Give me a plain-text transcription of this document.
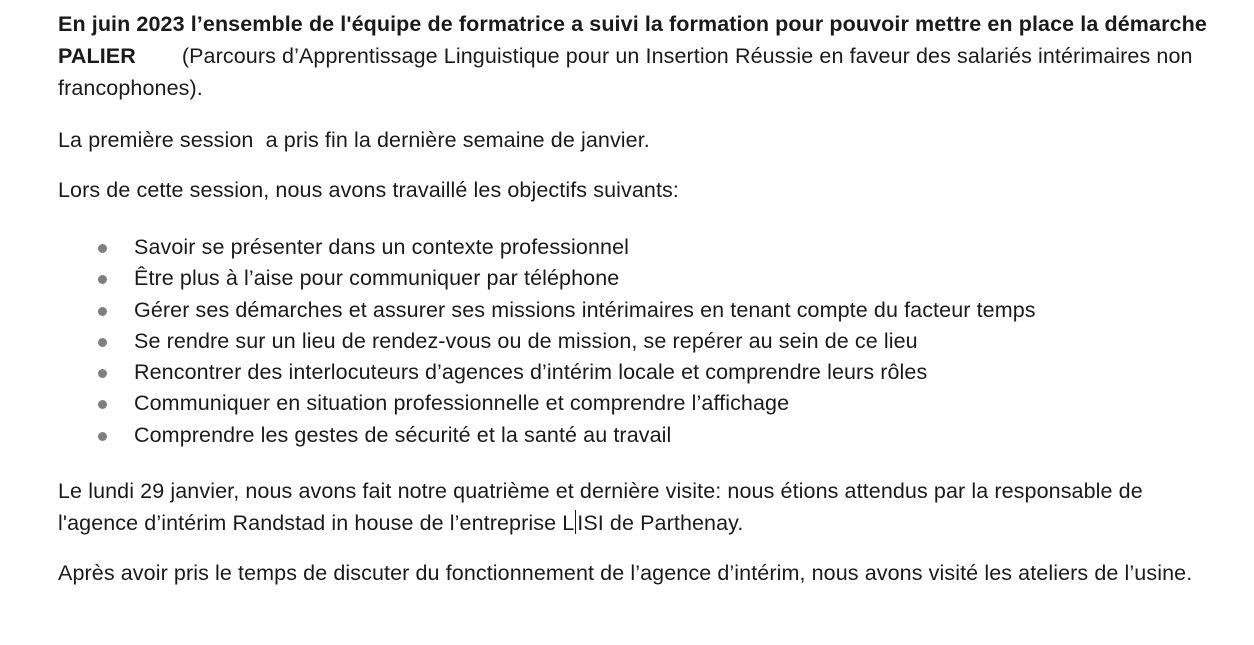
En juin 2023 l’ensemble de l'équipe de formatrice a suivi la formation pour pouvoir mettre en place la démarche PALIER (Parcours d’Apprentissage Linguistique pour un Insertion Réussie en faveur des salariés intérimaires non francophones).

La première session  a pris fin la dernière semaine de janvier.

Lors de cette session, nous avons travaillé les objectifs suivants:

Savoir se présenter dans un contexte professionnel
Être plus à l’aise pour communiquer par téléphone
Gérer ses démarches et assurer ses missions intérimaires en tenant compte du facteur temps
Se rendre sur un lieu de rendez-vous ou de mission, se repérer au sein de ce lieu
Rencontrer des interlocuteurs d’agences d’intérim locale et comprendre leurs rôles
Communiquer en situation professionnelle et comprendre l’affichage
Comprendre les gestes de sécurité et la santé au travail

Le lundi 29 janvier, nous avons fait notre quatrième et dernière visite: nous étions attendus par la responsable de l'agence d’intérim Randstad in house de l’entreprise L ISI de Parthenay.

Après avoir pris le temps de discuter du fonctionnement de l’agence d’intérim, nous avons visité les ateliers de l’usine.
